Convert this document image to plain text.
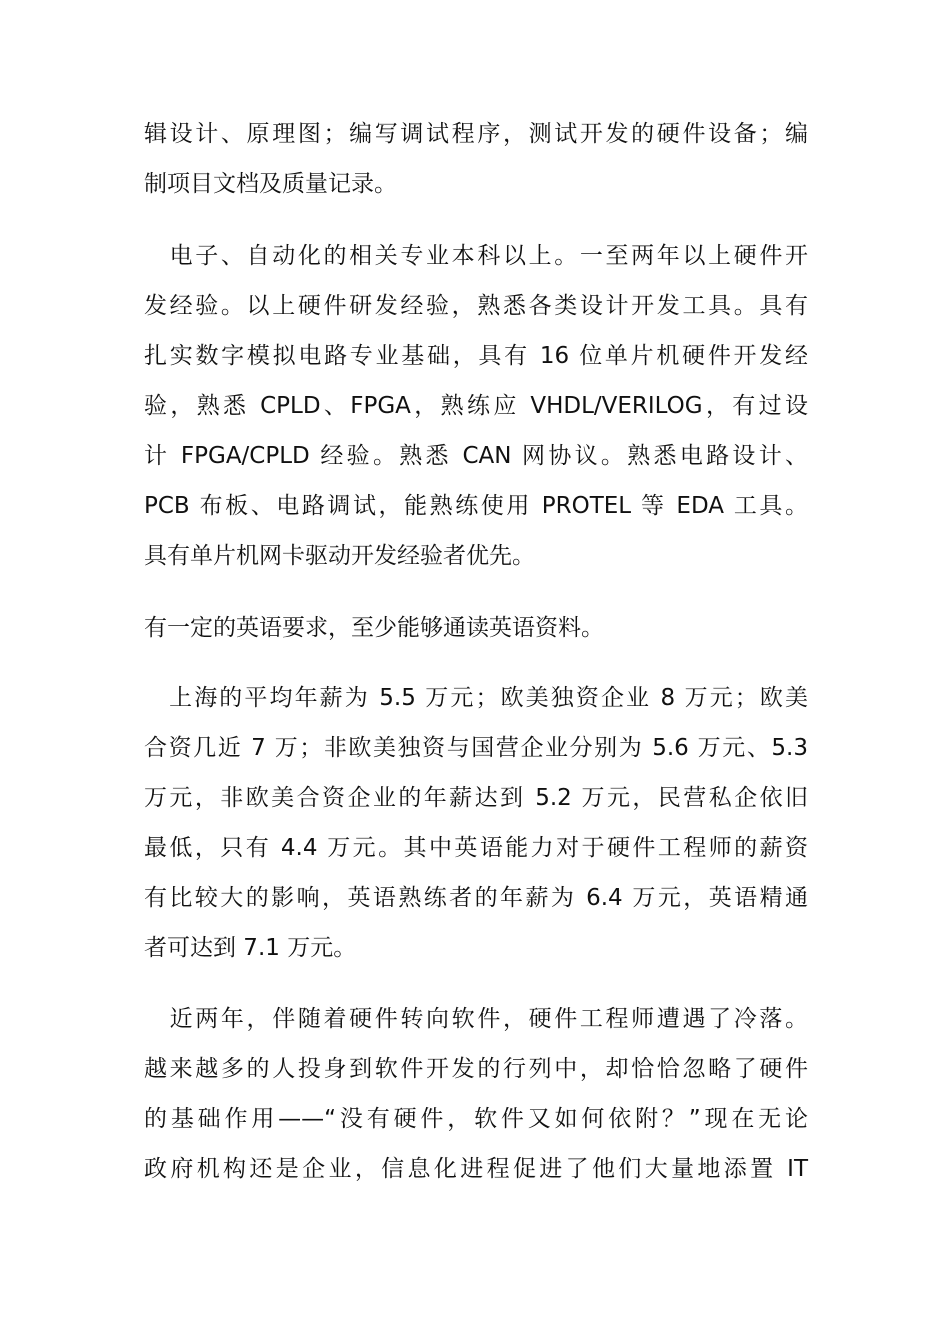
辑设计、原理图；编写调试程序，测试开发的硬件设备；编
制项目文档及质量记录。
　电子、自动化的相关专业本科以上。一至两年以上硬件开
发经验。以上硬件研发经验，熟悉各类设计开发工具。具有
扎实数字模拟电路专业基础，具有 16 位单片机硬件开发经
验，熟悉 CPLD、FPGA，熟练应 VHDL/VERILOG，有过设
计 FPGA/CPLD 经验。熟悉 CAN 网协议。熟悉电路设计、
PCB 布板、电路调试，能熟练使用 PROTEL 等 EDA 工具。
具有单片机网卡驱动开发经验者优先。
有一定的英语要求，至少能够通读英语资料。
　上海的平均年薪为 5.5 万元；欧美独资企业 8 万元；欧美
合资几近 7 万；非欧美独资与国营企业分别为 5.6 万元、5.3
万元，非欧美合资企业的年薪达到 5.2 万元，民营私企依旧
最低，只有 4.4 万元。其中英语能力对于硬件工程师的薪资
有比较大的影响，英语熟练者的年薪为 6.4 万元，英语精通
者可达到 7.1 万元。
　近两年，伴随着硬件转向软件，硬件工程师遭遇了冷落。
越来越多的人投身到软件开发的行列中，却恰恰忽略了硬件
的基础作用——“没有硬件，软件又如何依附？”现在无论
政府机构还是企业，信息化进程促进了他们大量地添置 IT
